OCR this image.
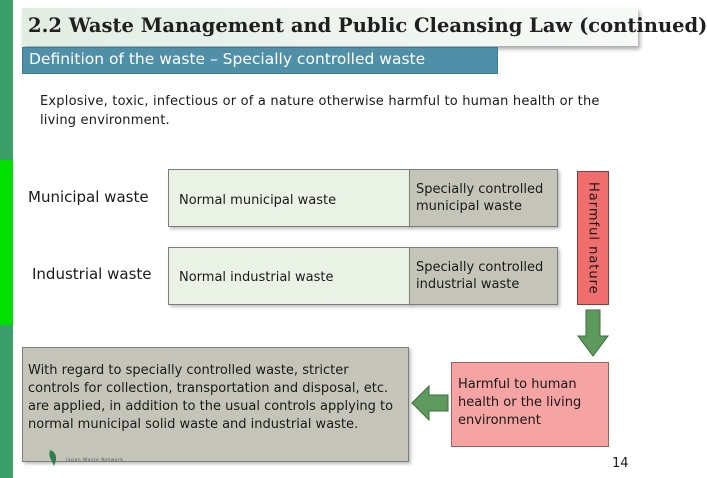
2.2 Waste Management and Public Cleansing Law (continued)
Definition of the waste – Specially controlled waste
Explosive, toxic, infectious or of a nature otherwise harmful to human health or the living environment.
Municipal waste Normal municipal waste
Specially controlled
municipal waste
Industrial waste Normal industrial waste
Specially controlled
industrial waste	Harmful nature
Harmful to human health or the living environment
With regard to specially controlled waste, stricter controls for collection, transportation and disposal, etc. are applied, in addition to the usual controls applying to normal municipal solid waste and industrial waste.
Japan Waste Network	14
